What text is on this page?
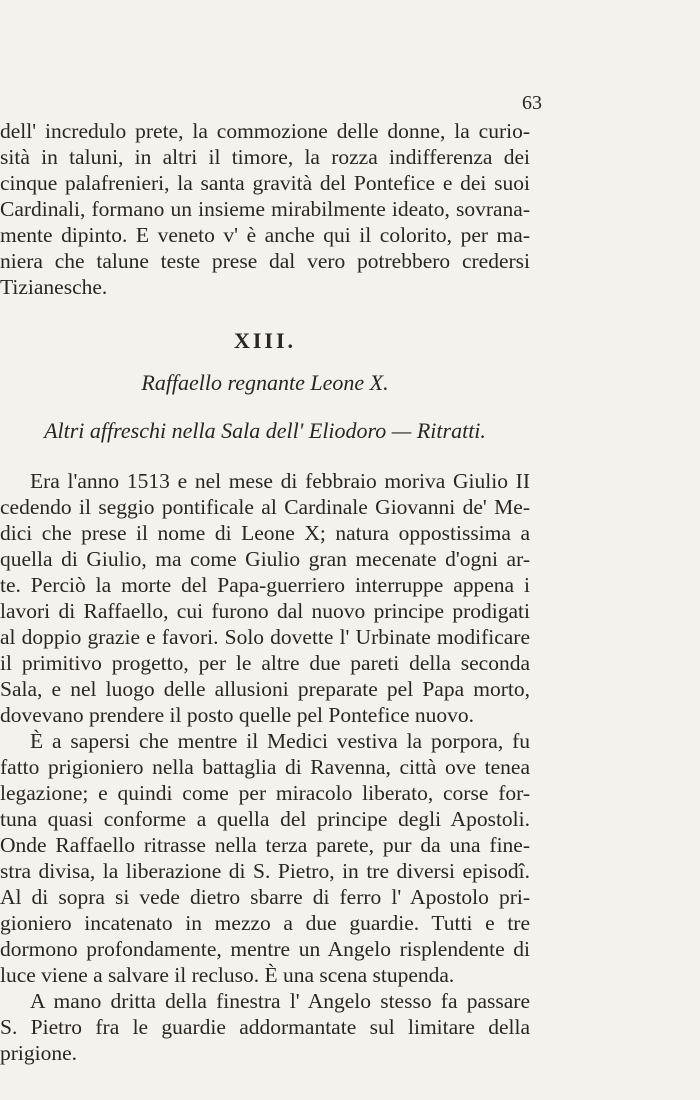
63
dell' incredulo prete, la commozione delle donne, la curio-
sità in taluni, in altri il timore, la rozza indifferenza dei
cinque palafrenieri, la santa gravità del Pontefice e dei suoi
Cardinali, formano un insieme mirabilmente ideato, sovrana-
mente dipinto. E veneto v' è anche qui il colorito, per ma-
niera che talune teste prese dal vero potrebbero credersi
Tizianesche.
XIII.
Raffaello regnante Leone X.
Altri affreschi nella Sala dell' Eliodoro — Ritratti.
Era l'anno 1513 e nel mese di febbraio moriva Giulio II
cedendo il seggio pontificale al Cardinale Giovanni de' Me-
dici che prese il nome di Leone X; natura oppostissima a
quella di Giulio, ma come Giulio gran mecenate d'ogni ar-
te. Perciò la morte del Papa-guerriero interruppe appena i
lavori di Raffaello, cui furono dal nuovo principe prodigati
al doppio grazie e favori. Solo dovette l' Urbinate modificare
il primitivo progetto, per le altre due pareti della seconda
Sala, e nel luogo delle allusioni preparate pel Papa morto,
dovevano prendere il posto quelle pel Pontefice nuovo.
È a sapersi che mentre il Medici vestiva la porpora, fu
fatto prigioniero nella battaglia di Ravenna, città ove tenea
legazione; e quindi come per miracolo liberato, corse for-
tuna quasi conforme a quella del principe degli Apostoli.
Onde Raffaello ritrasse nella terza parete, pur da una fine-
stra divisa, la liberazione di S. Pietro, in tre diversi episodî.
Al di sopra si vede dietro sbarre di ferro l' Apostolo pri-
gioniero incatenato in mezzo a due guardie. Tutti e tre
dormono profondamente, mentre un Angelo risplendente di
luce viene a salvare il recluso. È una scena stupenda.
A mano dritta della finestra l' Angelo stesso fa passare
S. Pietro fra le guardie addormantate sul limitare della
prigione.
